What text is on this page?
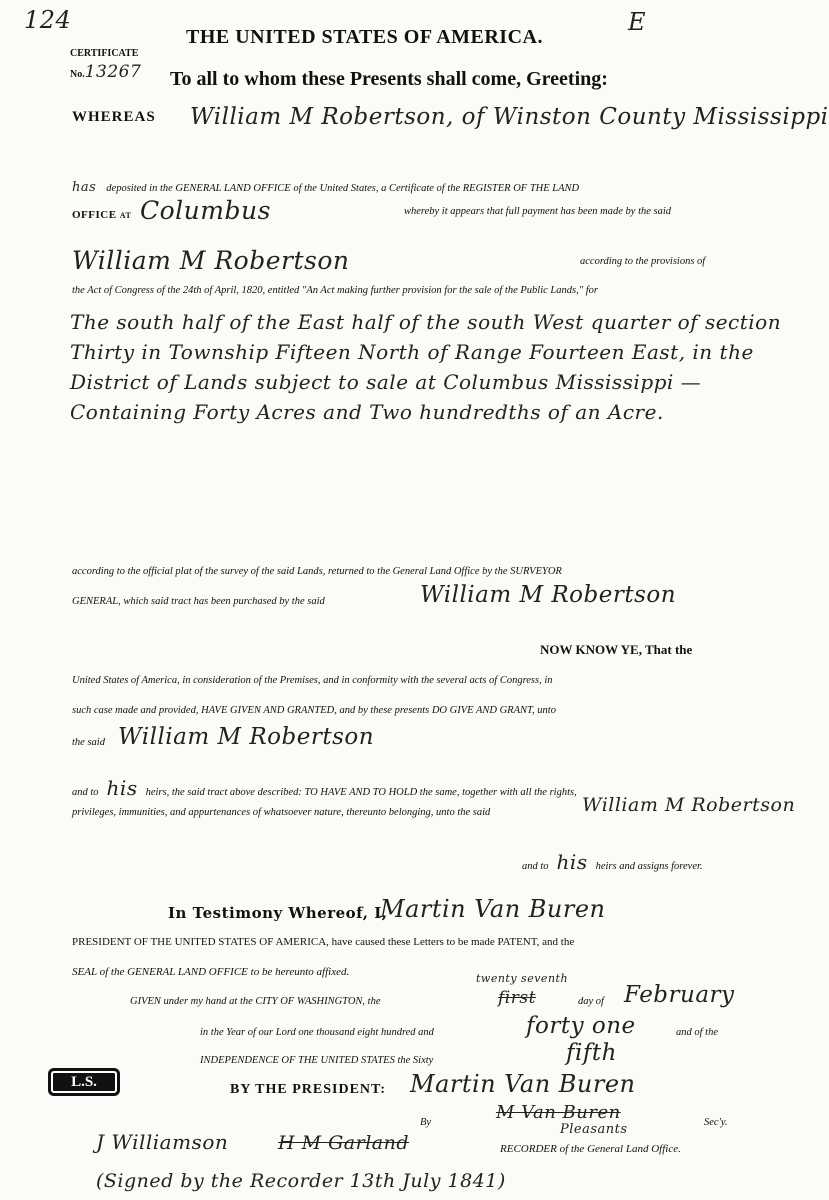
124	E
THE UNITED STATES OF AMERICA.
CERTIFICATE
No.13267 To all to whom these Presents shall come, Greeting:
WHEREAS William M Robertson, of Winston County Mississippi
has deposited in the GENERAL LAND OFFICE of the United States, a Certificate of the REGISTER OF THE LAND
OFFICE at Columbus	whereby it appears that full payment has been made by the said
William M Robertson	according to the provisions of
the Act of Congress of the 24th of April, 1820, entitled "An Act making further provision for the sale of the Public Lands," for
The south half of the East half of the south West quarter of section
Thirty in Township Fifteen North of Range Fourteen East, in the
District of Lands subject to sale at Columbus Mississippi —
Containing Forty Acres and Two hundredths of an Acre.
according to the official plat of the survey of the said Lands, returned to the General Land Office by the SURVEYOR
GENERAL, which said tract has been purchased by the said	William M Robertson
NOW KNOW YE, That the
United States of America, in consideration of the Premises, and in conformity with the several acts of Congress, in
such case made and provided, HAVE GIVEN AND GRANTED, and by these presents DO GIVE AND GRANT, unto
the said William M Robertson
and to his heirs, the said tract above described: TO HAVE AND TO HOLD the same, together with all the rights,
privileges, immunities, and appurtenances of whatsoever nature, thereunto belonging, unto the said	William M Robertson
and to his heirs and assigns forever.
In Testimony Whereof, I,
Martin Van Buren
PRESIDENT OF THE UNITED STATES OF AMERICA, have caused these Letters to be made PATENT, and the
SEAL of the GENERAL LAND OFFICE to be hereunto affixed.	twenty seventh
GIVEN under my hand at the CITY OF WASHINGTON, the	first	day of February
in the Year of our Lord one thousand eight hundred and	forty one	and of the
INDEPENDENCE OF THE UNITED STATES the Sixty	fifth
L.S.	BY THE PRESIDENT: Martin Van Buren
By	M Van Buren
Pleasants	Sec'y.
J Williamson	H M Garland	RECORDER of the General Land Office.
(Signed by the Recorder 13th July 1841)
